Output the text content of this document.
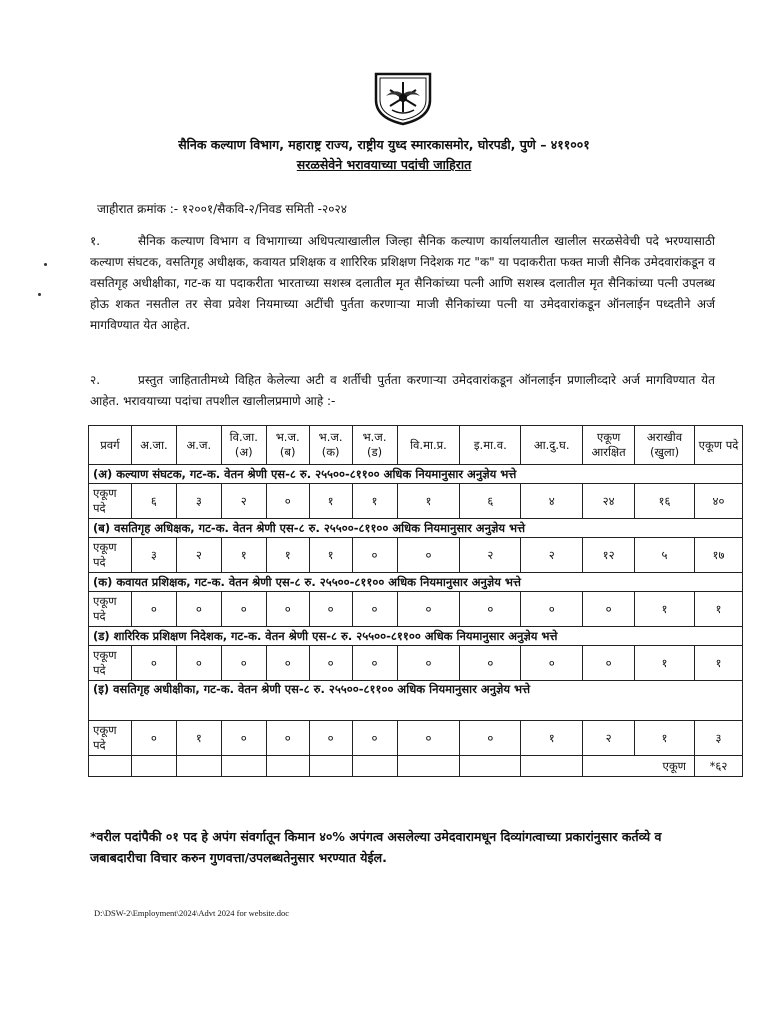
सैनिक कल्याण विभाग, महाराष्ट्र राज्य, राष्ट्रीय युध्द स्मारकासमोर, घोरपडी, पुणे – ४११००१
सरळसेवेने भरावयाच्या पदांची जाहिरात
जाहीरात क्रमांक :- १२००१/सैकवि-२/निवड समिती -२०२४
१.	सैनिक कल्याण विभाग व विभागाच्या अधिपत्याखालील जिल्हा सैनिक कल्याण कार्यालयातील खालील सरळसेवेची पदे भरण्यासाठी कल्याण संघटक, वसतिगृह अधीक्षक, कवायत प्रशिक्षक व शारिरिक प्रशिक्षण निदेशक गट "क" या पदाकरीता फक्त माजी सैनिक उमेदवारांकडून व वसतिगृह अधीक्षीका, गट-क या पदाकरीता भारताच्या सशस्त्र दलातील मृत सैनिकांच्या पत्नी आणि सशस्त्र दलातील मृत सैनिकांच्या पत्नी उपलब्ध होऊ शकत नसतील तर सेवा प्रवेश नियमाच्या अटींची पुर्तता करणाऱ्या माजी सैनिकांच्या पत्नी या उमेदवारांकडून ऑनलाईन पध्दतीने अर्ज मागविण्यात येत आहेत.
२.	प्रस्तुत जाहितातीमध्ये विहित केलेल्या अटी व शर्तीची पुर्तता करणाऱ्या उमेदवारांकडून ऑनलाईन प्रणालीव्दारे अर्ज मागविण्यात येत आहेत. भरावयाच्या पदांचा तपशील खालीलप्रमाणे आहे :-
प्रवर्ग	अ.जा.	अ.ज.	वि.जा. (अ)	भ.ज. (ब)	भ.ज. (क)	भ.ज. (ड)	वि.मा.प्र.	इ.मा.व.	आ.दु.घ.	एकूण आरक्षित	अराखीव (खुला)	एकूण पदे
(अ) कल्याण संघटक, गट-क. वेतन श्रेणी एस-८ रु. २५५००-८११०० अधिक नियमानुसार अनुज्ञेय भत्ते												
एकूण पदे	६	३	२	०	१	१	१	६	४	२४	१६	४०
(ब) वसतिगृह अधिक्षक, गट-क. वेतन श्रेणी एस-८ रु. २५५००-८११०० अधिक नियमानुसार अनुज्ञेय भत्ते												
एकूण पदे	३	२	१	१	१	०	०	२	२	१२	५	१७
(क) कवायत प्रशिक्षक, गट-क. वेतन श्रेणी एस-८ रु. २५५००-८११०० अधिक नियमानुसार अनुज्ञेय भत्ते												
एकूण पदे	०	०	०	०	०	०	०	०	०	०	१	१
(ड) शारिरिक प्रशिक्षण निदेशक, गट-क. वेतन श्रेणी एस-८ रु. २५५००-८११०० अधिक नियमानुसार अनुज्ञेय भत्ते												
एकूण पदे	०	०	०	०	०	०	०	०	०	०	१	१
(इ) वसतिगृह अधीक्षीका, गट-क. वेतन श्रेणी एस-८ रु. २५५००-८११०० अधिक नियमानुसार अनुज्ञेय भत्ते												
एकूण पदे	०	१	०	०	०	०	०	०	१	२	१	३
										एकूण		*६२
*वरील पदांपैकी ०१ पद हे अपंग संवर्गातून किमान ४०% अपंगत्व असलेल्या उमेदवारामधून दिव्यांगत्वाच्या प्रकारांनुसार कर्तव्ये व जबाबदारीचा विचार करुन गुणवत्ता/उपलब्धतेनुसार भरण्यात येईल.
D:\DSW-2\Employment\2024\Advt 2024 for website.doc
